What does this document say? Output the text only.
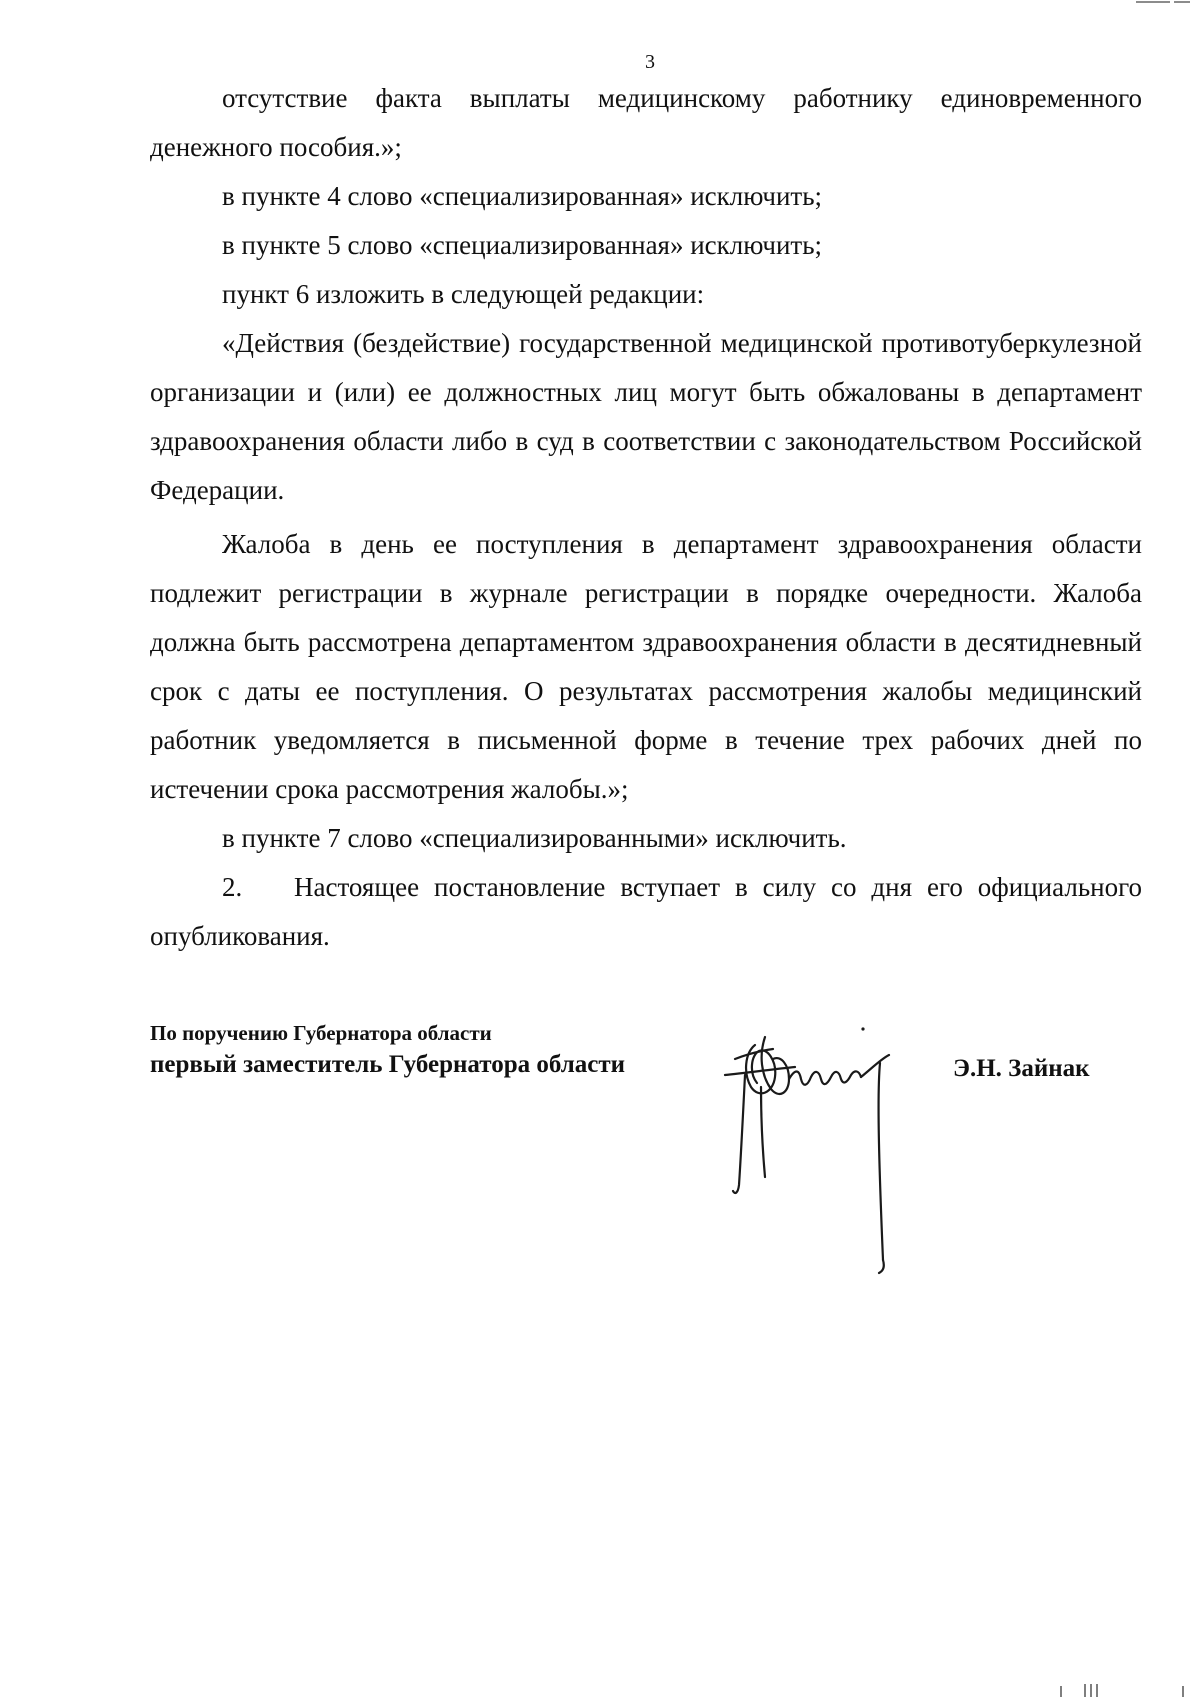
3

отсутствие факта выплаты медицинскому работнику единовременного денежного пособия.»;

в пункте 4 слово «специализированная» исключить;

в пункте 5 слово «специализированная» исключить;

пункт 6 изложить в следующей редакции:

«Действия (бездействие) государственной медицинской противотуберкулезной организации и (или) ее должностных лиц могут быть обжалованы в департамент здравоохранения области либо в суд в соответствии с законодательством Российской Федерации.

Жалоба в день ее поступления в департамент здравоохранения области подлежит регистрации в журнале регистрации в порядке очередности. Жалоба должна быть рассмотрена департаментом здравоохранения области в десятидневный срок с даты ее поступления. О результатах рассмотрения жалобы медицинский работник уведомляется в письменной форме в течение трех рабочих дней по истечении срока рассмотрения жалобы.»;

в пункте 7 слово «специализированными» исключить.

2. Настоящее постановление вступает в силу со дня его официального опубликования.

По поручению Губернатора области
первый заместитель Губернатора области	Э.Н. Зайнак
